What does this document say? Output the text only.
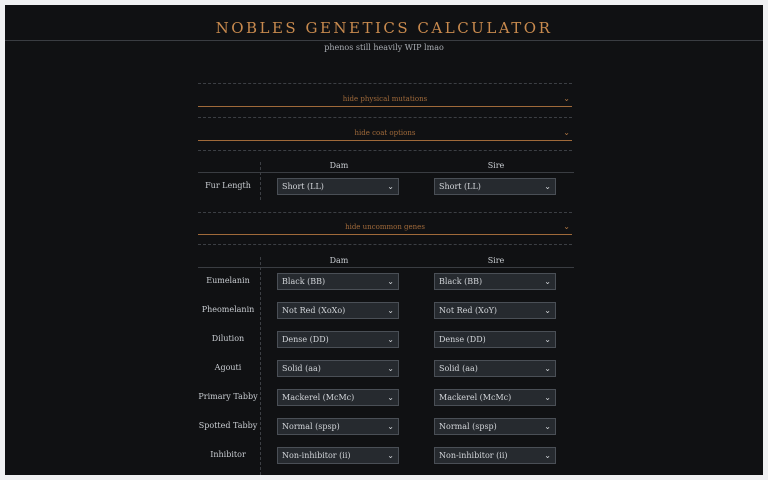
NOBLES GENETICS CALCULATOR
phenos still heavily WIP lmao
hide physical mutations	⌄
hide coat options	⌄
Dam	Sire
Fur Length	Short (LL)	⌄	Short (LL)	⌄
hide uncommon genes	⌄
Dam	Sire
Eumelanin	Black (BB)	⌄	Black (BB)	⌄
Pheomelanin	Not Red (XoXo)	⌄	Not Red (XoY)	⌄
Dilution	Dense (DD)	⌄	Dense (DD)	⌄
Agouti	Solid (aa)	⌄	Solid (aa)	⌄
Primary Tabby	Mackerel (McMc)	⌄	Mackerel (McMc)	⌄
Spotted Tabby	Normal (spsp)	⌄	Normal (spsp)	⌄
Inhibitor	Non-inhibitor (ii)	⌄	Non-inhibitor (ii)	⌄
